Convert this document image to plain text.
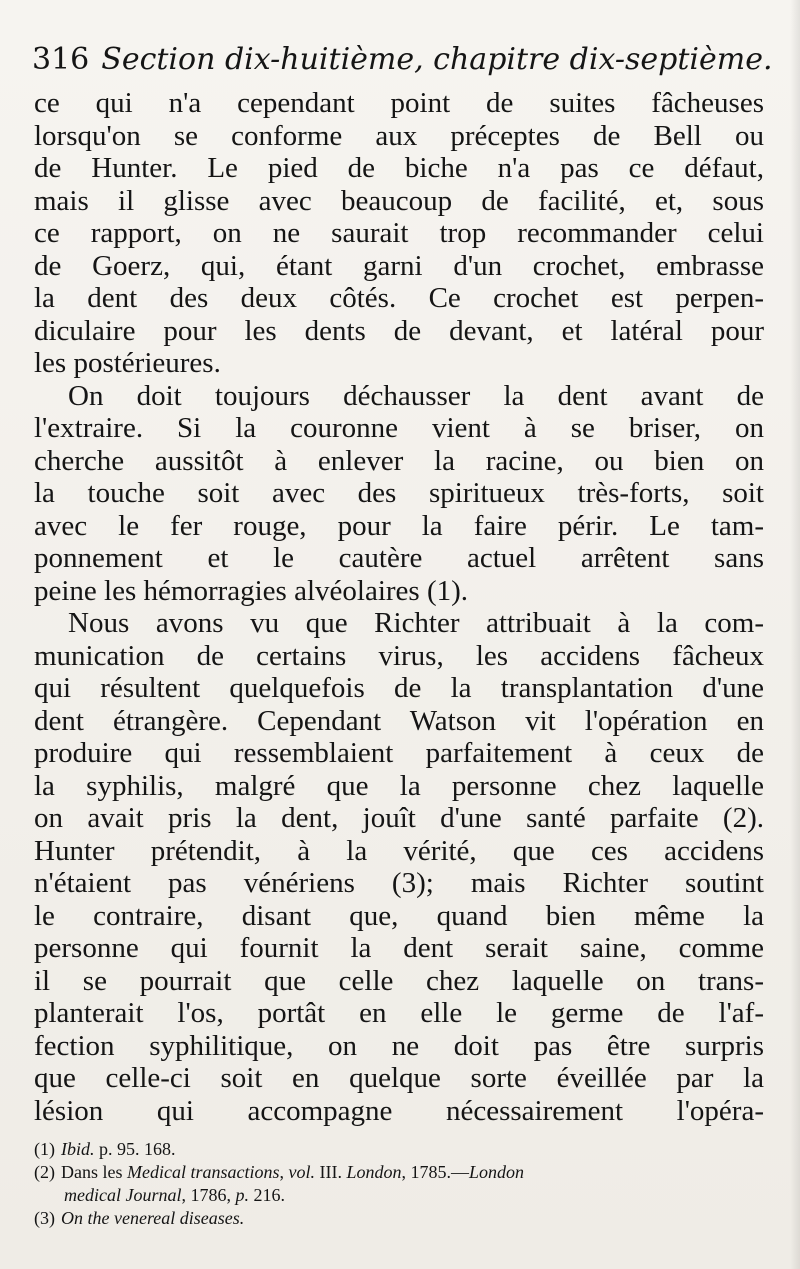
316 Section dix-huitième, chapitre dix-septième.
ce qui n'a cependant point de suites fâcheuses
lorsqu'on se conforme aux préceptes de Bell ou
de Hunter. Le pied de biche n'a pas ce défaut,
mais il glisse avec beaucoup de facilité, et, sous
ce rapport, on ne saurait trop recommander celui
de Goerz, qui, étant garni d'un crochet, embrasse
la dent des deux côtés. Ce crochet est perpen-
diculaire pour les dents de devant, et latéral pour
les postérieures.
On doit toujours déchausser la dent avant de
l'extraire. Si la couronne vient à se briser, on
cherche aussitôt à enlever la racine, ou bien on
la touche soit avec des spiritueux très-forts, soit
avec le fer rouge, pour la faire périr. Le tam-
ponnement et le cautère actuel arrêtent sans
peine les hémorragies alvéolaires (1).
Nous avons vu que Richter attribuait à la com-
munication de certains virus, les accidens fâcheux
qui résultent quelquefois de la transplantation d'une
dent étrangère. Cependant Watson vit l'opération en
produire qui ressemblaient parfaitement à ceux de
la syphilis, malgré que la personne chez laquelle
on avait pris la dent, jouît d'une santé parfaite (2).
Hunter prétendit, à la vérité, que ces accidens
n'étaient pas vénériens (3); mais Richter soutint
le contraire, disant que, quand bien même la
personne qui fournit la dent serait saine, comme
il se pourrait que celle chez laquelle on trans-
planterait l'os, portât en elle le germe de l'af-
fection syphilitique, on ne doit pas être surpris
que celle-ci soit en quelque sorte éveillée par la
lésion qui accompagne nécessairement l'opéra-
(1) Ibid. p. 95. 168.
(2) Dans les Medical transactions, vol. III. London, 1785.—London
medical Journal, 1786, p. 216.
(3) On the venereal diseases.
